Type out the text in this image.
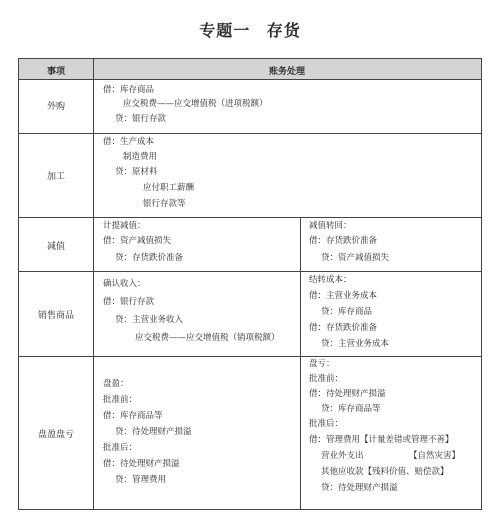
专题一 存货
事项	账务处理
外购
借：库存商品
应交税费——应交增值税（进项税额）
贷：银行存款
加工
借：生产成本
制造费用
贷：原材料
应付职工薪酬
银行存款等
减值
计提减值：
借：资产减值损失
贷：存货跌价准备
减值转回：
借：存货跌价准备
贷：资产减值损失
销售商品
确认收入：
借：银行存款
贷：主营业务收入
应交税费——应交增值税（销项税额）
结转成本：
借：主营业务成本
贷：库存商品
借：存货跌价准备
贷：主营业务成本
盘盈盘亏
盘盈：
批准前：
借：库存商品等
贷：待处理财产损溢
批准后：
借：待处理财产损溢
贷：管理费用
盘亏：
批准前：
借：待处理财产损溢
贷：库存商品等
批准后：
借：管理费用【计量差错或管理不善】
营业外支出	【自然灾害】
其他应收款【残料价值、赔偿款】
贷：待处理财产损溢
